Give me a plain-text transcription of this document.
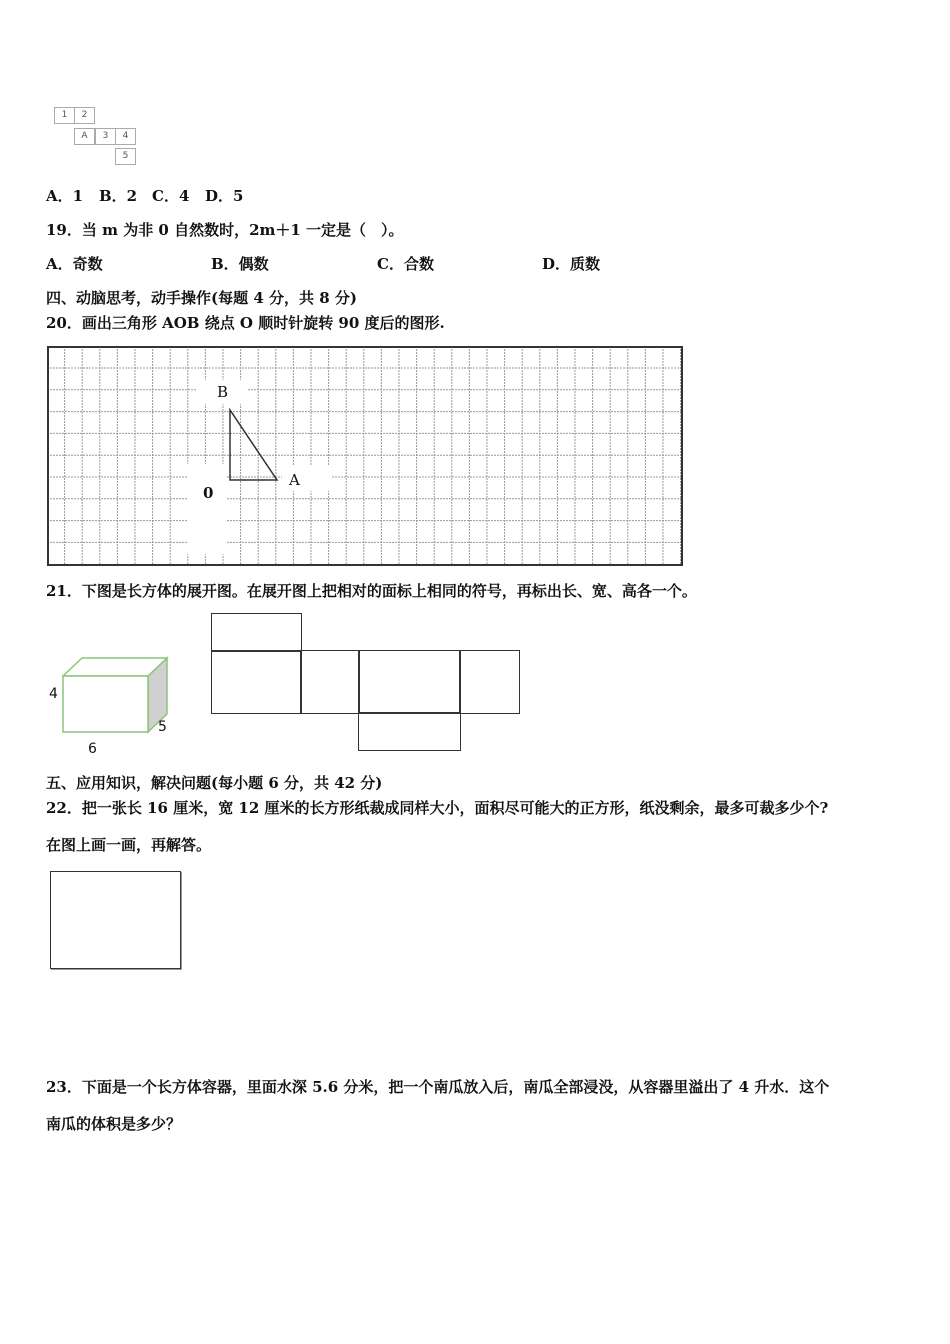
1	2
A	3	4
5
A．1 B．2 C．4 D．5
19．当 m 为非 0 自然数时，2m＋1 一定是（　）。
A．奇数	B．偶数	C．合数	D．质数
四、动脑思考，动手操作(每题 4 分，共 8 分)
20．画出三角形 AOB 绕点 O 顺时针旋转 90 度后的图形.
B
A
0
21．下图是长方体的展开图。在展开图上把相对的面标上相同的符号，再标出长、宽、高各一个。
4
6
5
五、应用知识，解决问题(每小题 6 分，共 42 分)
22．把一张长 16 厘米，宽 12 厘米的长方形纸裁成同样大小，面积尽可能大的正方形，纸没剩余，最多可裁多少个?
在图上画一画，再解答。
23．下面是一个长方体容器，里面水深 5.6 分米，把一个南瓜放入后，南瓜全部浸没，从容器里溢出了 4 升水．这个
南瓜的体积是多少？
